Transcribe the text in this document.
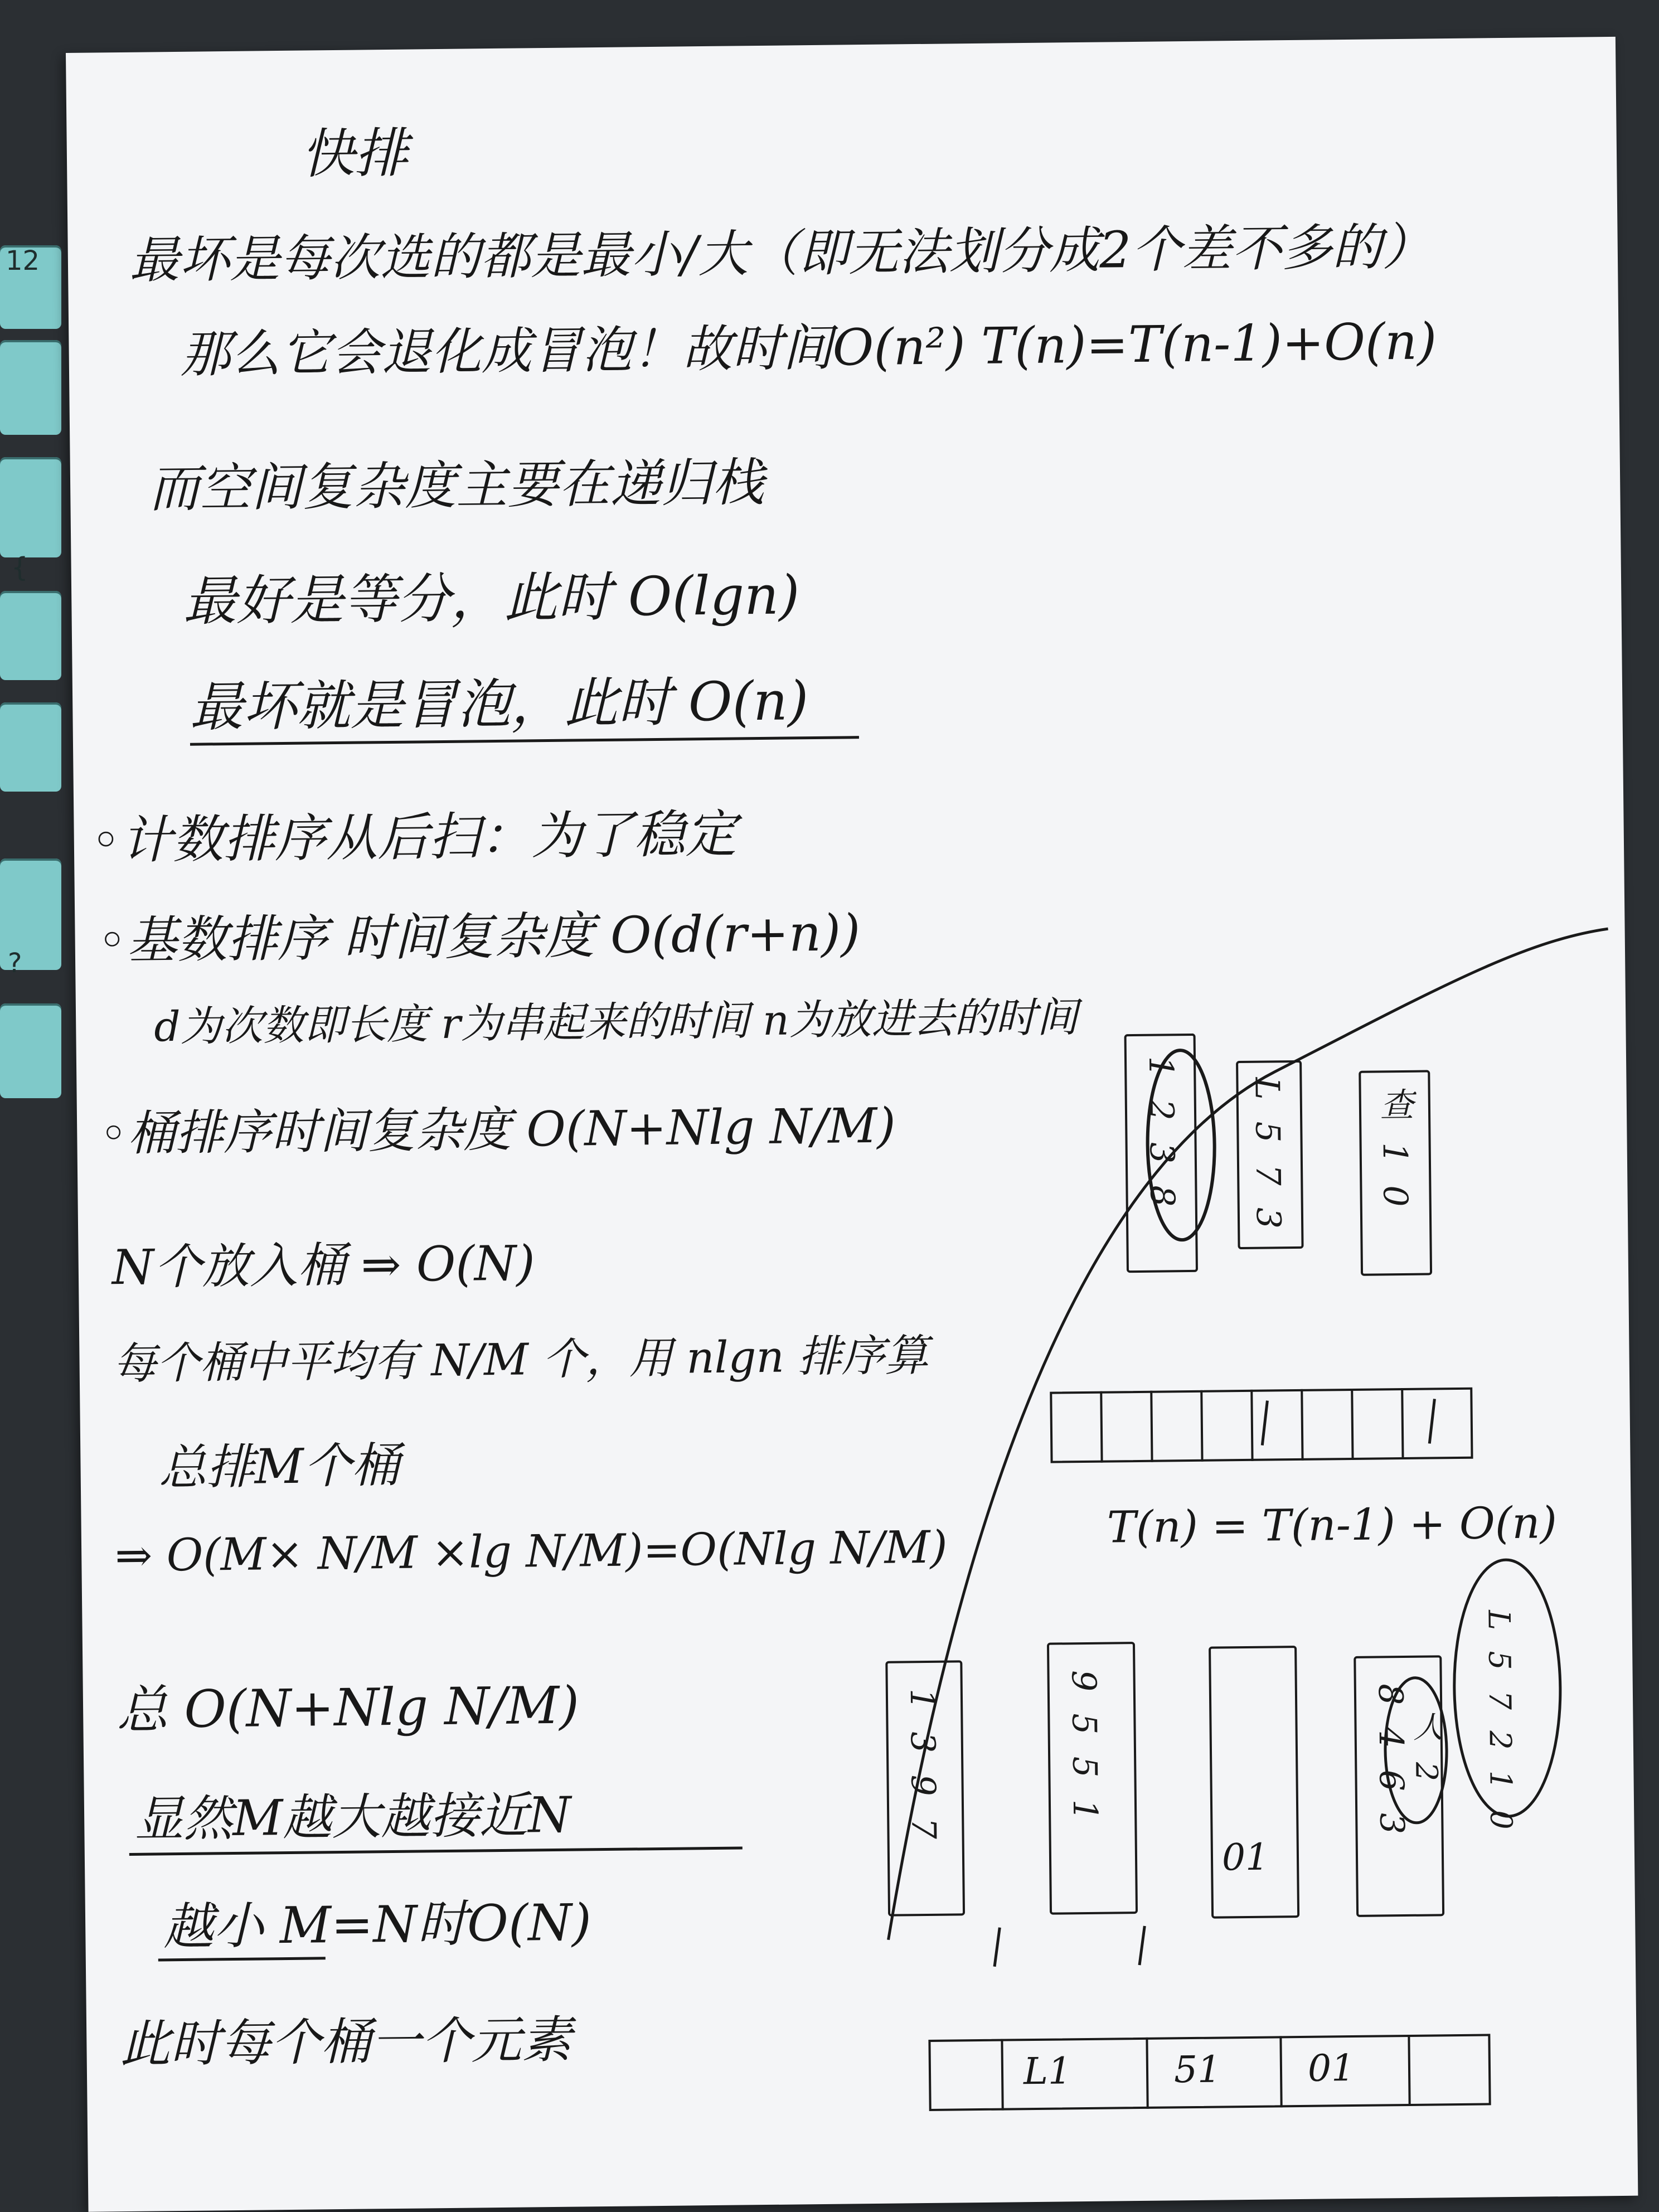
12
{
?
快排
最坏是每次选的都是最小/大（即无法划分成2个差不多的）
那么它会退化成冒泡！故时间O(n²) T(n)=T(n-1)+O(n)
而空间复杂度主要在递归栈
最好是等分，此时 O(lgn)
最坏就是冒泡，此时 O(n)
◦计数排序从后扫：为了稳定
◦基数排序 时间复杂度 O(d(r+n))
d为次数即长度 r为串起来的时间 n为放进去的时间
◦桶排序时间复杂度 O(N+Nlg N/M)
N个放入桶 ⇒ O(N)
每个桶中平均有 N/M 个，用 nlgn 排序算
总排M个桶
⇒ O(M× N/M ×lg N/M)=O(Nlg N/M)
总 O(N+Nlg N/M)
显然M越大越接近N
越小 M=N时O(N)
此时每个桶一个元素
1 2 3 8 L 5 7 3	查 1 0
T(n) = T(n-1) + O(n)
1 3 9 7	9 5 5 1
01
8 4 6 3 L 5 7 2 1 0
人 2
L1	51 01
